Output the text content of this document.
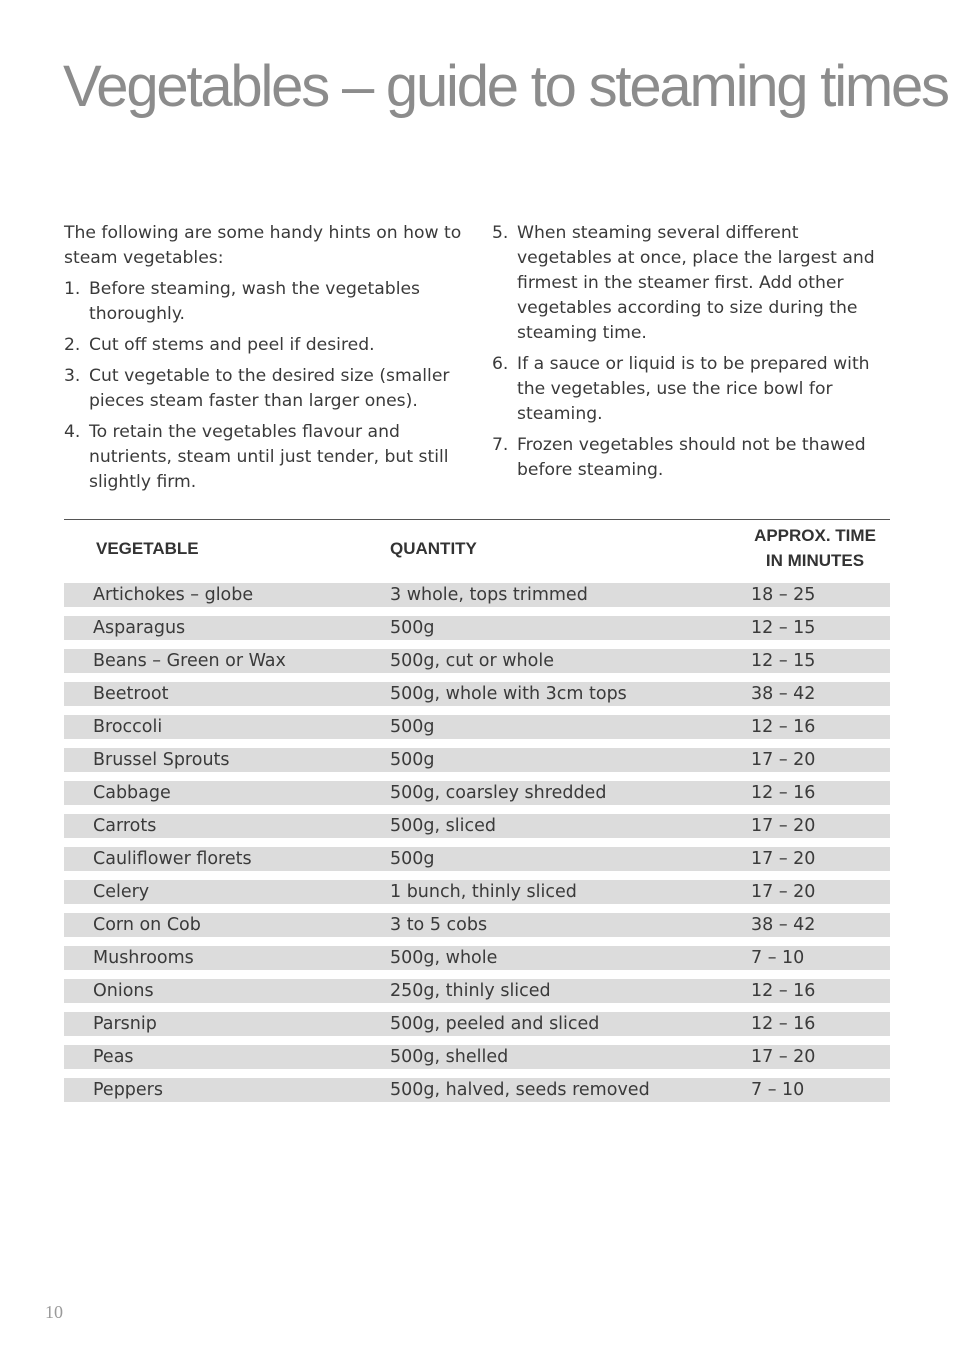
Vegetables – guide to steaming times

The following are some handy hints on how to steam vegetables:

1. Before steaming, wash the vegetables thoroughly.
2. Cut off stems and peel if desired.
3. Cut vegetable to the desired size (smaller pieces steam faster than larger ones).
4. To retain the vegetables flavour and nutrients, steam until just tender, but still slightly firm.
5. When steaming several different vegetables at once, place the largest and firmest in the steamer first. Add other vegetables according to size during the steaming time.
6. If a sauce or liquid is to be prepared with the vegetables, use the rice bowl for steaming.
7. Frozen vegetables should not be thawed before steaming.
VEGETABLE	QUANTITY	APPROX. TIME
IN MINUTES
Artichokes – globe	3 whole, tops trimmed	18 – 25
Asparagus	500g	12 – 15
Beans – Green or Wax	500g, cut or whole	12 – 15
Beetroot	500g, whole with 3cm tops	38 – 42
Broccoli	500g	12 – 16
Brussel Sprouts	500g	17 – 20
Cabbage	500g, coarsley shredded	12 – 16
Carrots	500g, sliced	17 – 20
Cauliflower florets	500g	17 – 20
Celery	1 bunch, thinly sliced	17 – 20
Corn on Cob	3 to 5 cobs	38 – 42
Mushrooms	500g, whole	7 – 10
Onions	250g, thinly sliced	12 – 16
Parsnip	500g, peeled and sliced	12 – 16
Peas	500g, shelled	17 – 20
Peppers	500g, halved, seeds removed	7 – 10
10
